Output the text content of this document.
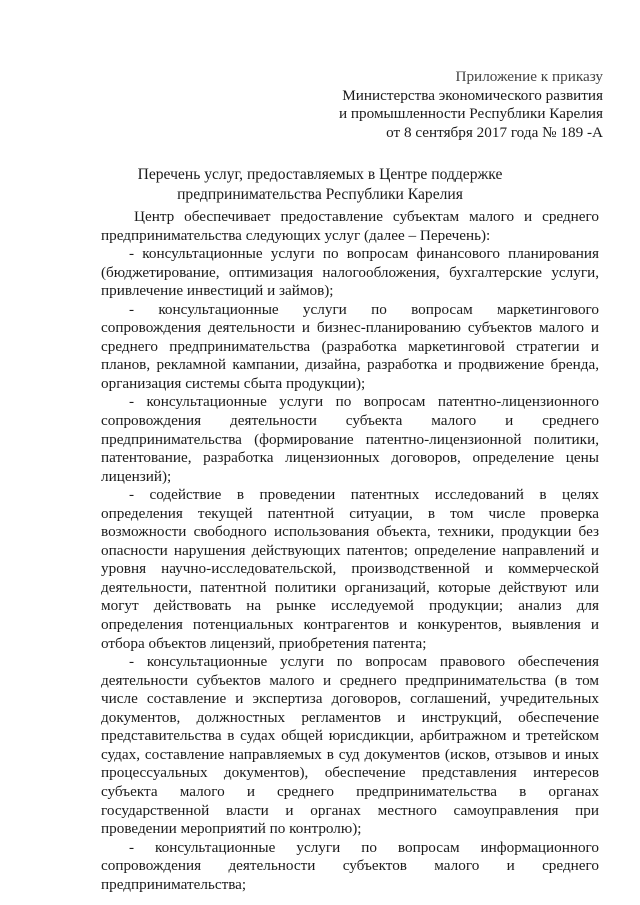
Приложение к приказу
Министерства экономического развития
и промышленности Республики Карелия
от 8 сентября 2017 года № 189 -А
Перечень услуг, предоставляемых в Центре поддержке
предпринимательства Республики Карелия

Центр обеспечивает предоставление субъектам малого и среднего предпринимательства следующих услуг (далее – Перечень):

- консультационные услуги по вопросам финансового планирования (бюджетирование, оптимизация налогообложения, бухгалтерские услуги, привлечение инвестиций и займов);

- консультационные услуги по вопросам маркетингового сопровождения деятельности и бизнес-планированию субъектов малого и среднего предпринимательства (разработка маркетинговой стратегии и планов, рекламной кампании, дизайна, разработка и продвижение бренда, организация системы сбыта продукции);

- консультационные услуги по вопросам патентно-лицензионного сопровождения деятельности субъекта малого и среднего предпринимательства (формирование патентно-лицензионной политики, патентование, разработка лицензионных договоров, определение цены лицензий);

- содействие в проведении патентных исследований в целях определения текущей патентной ситуации, в том числе проверка возможности свободного использования объекта, техники, продукции без опасности нарушения действующих патентов; определение направлений и уровня научно-исследовательской, производственной и коммерческой деятельности, патентной политики организаций, которые действуют или могут действовать на рынке исследуемой продукции; анализ для определения потенциальных контрагентов и конкурентов, выявления и отбора объектов лицензий, приобретения патента;

- консультационные услуги по вопросам правового обеспечения деятельности субъектов малого и среднего предпринимательства (в том числе составление и экспертиза договоров, соглашений, учредительных документов, должностных регламентов и инструкций, обеспечение представительства в судах общей юрисдикции, арбитражном и третейском судах, составление направляемых в суд документов (исков, отзывов и иных процессуальных документов), обеспечение представления интересов субъекта малого и среднего предпринимательства в органах государственной власти и органах местного самоуправления при проведении мероприятий по контролю);

- консультационные услуги по вопросам информационного сопровождения деятельности субъектов малого и среднего предпринимательства;
